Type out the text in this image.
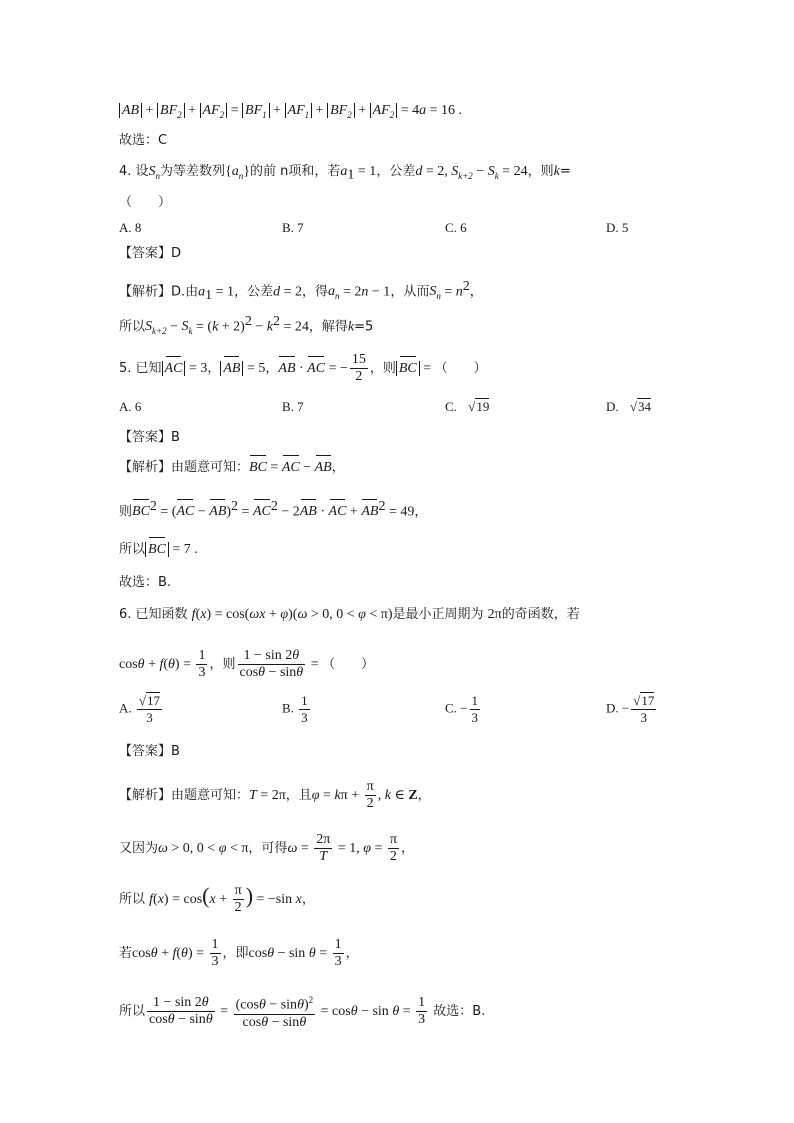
AB + $BF_2 + AF_2 = BF_1 + AF_1 + BF_2 + AF_2 = 4a = 16$ .
故选：C
4. 设$S_n$为等差数列$\{a_n\}$的前 n项和，若$a_1 = 1$，公差d = 2, $S_{k+2} - S_k = 24$，则k=
（　　）
A. 8	B. 7	C. 6	D. 5
【答案】D
【解析】D.由$a_1 = 1$，公差d = 2，得$a_n = 2n - 1$，从而$S_n = n^2$，
所以$S_{k+2} - S_k = (k + 2)^2 - k^2 = 24$，解得k=5
5. 已知 AC = 3， AB = 5，AB · AC = − $\frac{15}{2}$ ，则 BC = （　　）
A. 6	B. 7	C. √19	D. √34
【答案】B
【解析】由题意可知：BC = AC − AB，
则$BC^2 = (AC - AB)^2 = AC^2 - 2AB$ · AC + $AB^2 = 49$，
所以 BC = 7 .
故选：B.
6. 已知函数 f(x) = cos(ωx + φ)(ω > 0, 0 < φ < π)是最小正周期为 2π的奇函数，若
$\cos\theta + f(\theta) = \frac{1}{3}$ ，则 $\frac{1 - \sin 2\theta}{\cos\theta - \sin\theta}$ = （　　）
A. $\frac{√17}{3}$	B. $\frac{1}{3}$	C. − $\frac{1}{3}$	D. − $\frac{√17}{3}$
【答案】B
【解析】由题意可知：T = 2π，且$\varphi = k\pi + \frac{\pi}{2}$ , k ∈ Z，
又因为ω > 0, 0 < φ < π，可得$\omega = \frac{2\pi}{T} = 1$, $\varphi = \frac{\pi}{2}$ ，
所以 $f(x) = \cos(x + \frac{\pi}{2}$ ) = −sin x，
若$\cos\theta + f(\theta) = \frac{1}{3}$ ，即$\cos\theta - \sin \theta = \frac{1}{3}$ ，
所以 $\frac{1 - \sin 2\theta}{\cos\theta - \sin\theta} = \frac{(\cos\theta - \sin\theta)^2}{\cos\theta - \sin\theta} = \cos\theta - \sin \theta = \frac{1}{3}$ 故选：B.
